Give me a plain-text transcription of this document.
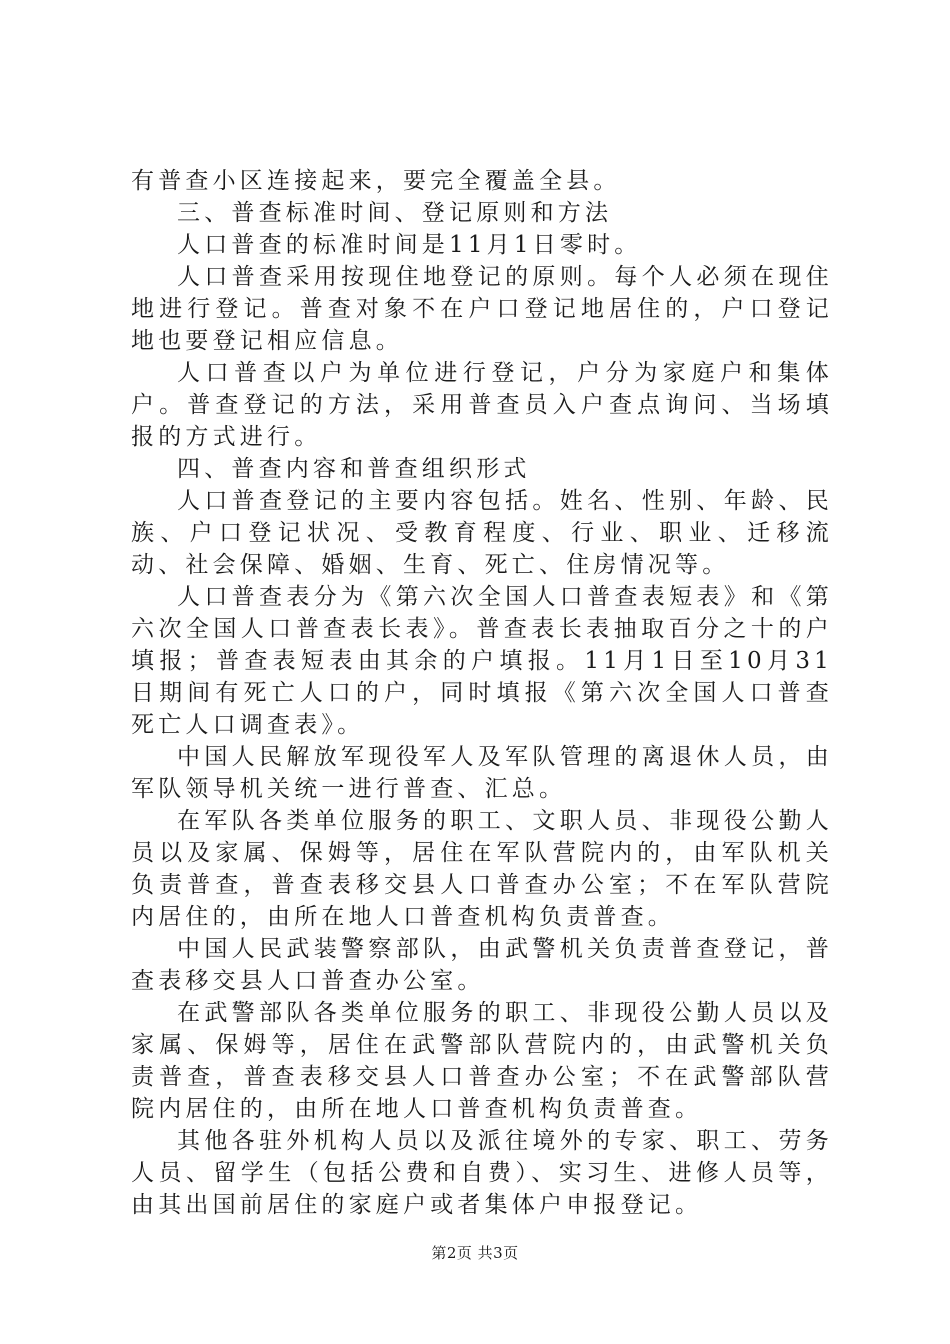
有普查小区连接起来，要完全覆盖全县。

三、普查标准时间、登记原则和方法

人口普查的标准时间是11月1日零时。

人口普查采用按现住地登记的原则。每个人必须在现住地进行登记。普查对象不在户口登记地居住的，户口登记地也要登记相应信息。

人口普查以户为单位进行登记，户分为家庭户和集体户。普查登记的方法，采用普查员入户查点询问、当场填报的方式进行。

四、普查内容和普查组织形式

人口普查登记的主要内容包括。姓名、性别、年龄、民族、户口登记状况、受教育程度、行业、职业、迁移流动、社会保障、婚姻、生育、死亡、住房情况等。

人口普查表分为《第六次全国人口普查表短表》和《第六次全国人口普查表长表》。普查表长表抽取百分之十的户填报；普查表短表由其余的户填报。11月1日至10月31日期间有死亡人口的户，同时填报《第六次全国人口普查死亡人口调查表》。

中国人民解放军现役军人及军队管理的离退休人员，由军队领导机关统一进行普查、汇总。

在军队各类单位服务的职工、文职人员、非现役公勤人员以及家属、保姆等，居住在军队营院内的，由军队机关负责普查，普查表移交县人口普查办公室；不在军队营院内居住的，由所在地人口普查机构负责普查。

中国人民武装警察部队，由武警机关负责普查登记，普查表移交县人口普查办公室。

在武警部队各类单位服务的职工、非现役公勤人员以及家属、保姆等，居住在武警部队营院内的，由武警机关负责普查，普查表移交县人口普查办公室；不在武警部队营院内居住的，由所在地人口普查机构负责普查。

其他各驻外机构人员以及派往境外的专家、职工、劳务人员、留学生（包括公费和自费）、实习生、进修人员等，由其出国前居住的家庭户或者集体户申报登记。

第2页 共3页
